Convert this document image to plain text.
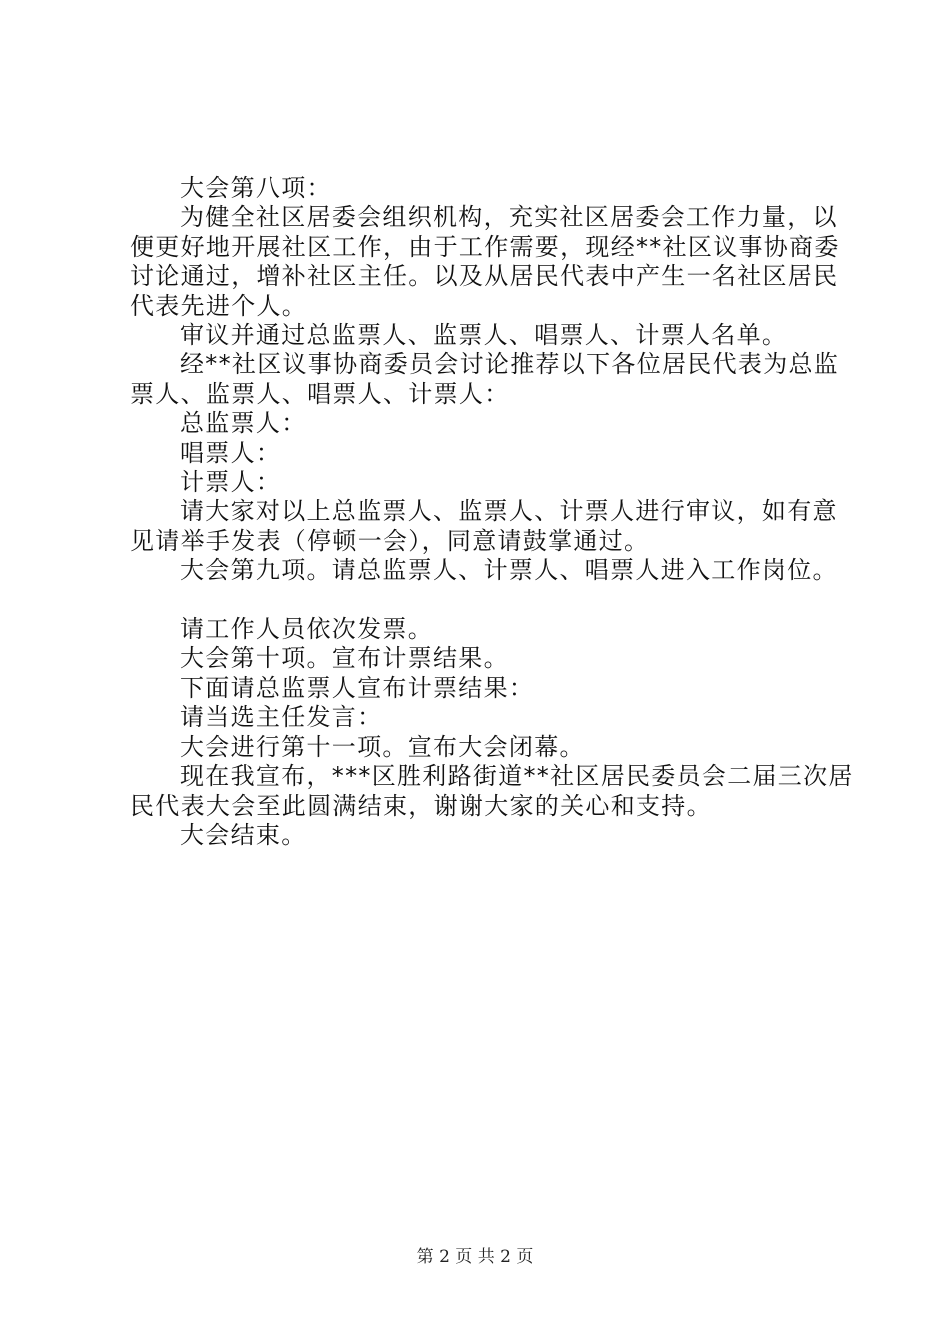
大会第八项：

为健全社区居委会组织机构，充实社区居委会工作力量，以便更好地开展社区工作，由于工作需要，现经**社区议事协商委讨论通过，增补社区主任。以及从居民代表中产生一名社区居民代表先进个人。

审议并通过总监票人、监票人、唱票人、计票人名单。

经**社区议事协商委员会讨论推荐以下各位居民代表为总监票人、监票人、唱票人、计票人：

总监票人：

唱票人：

计票人：

请大家对以上总监票人、监票人、计票人进行审议，如有意见请举手发表（停顿一会），同意请鼓掌通过。

大会第九项。请总监票人、计票人、唱票人进入工作岗位。

请工作人员依次发票。

大会第十项。宣布计票结果。

下面请总监票人宣布计票结果：

请当选主任发言：

大会进行第十一项。宣布大会闭幕。

现在我宣布，***区胜利路街道**社区居民委员会二届三次居民代表大会至此圆满结束，谢谢大家的关心和支持。

大会结束。

第 2 页 共 2 页
